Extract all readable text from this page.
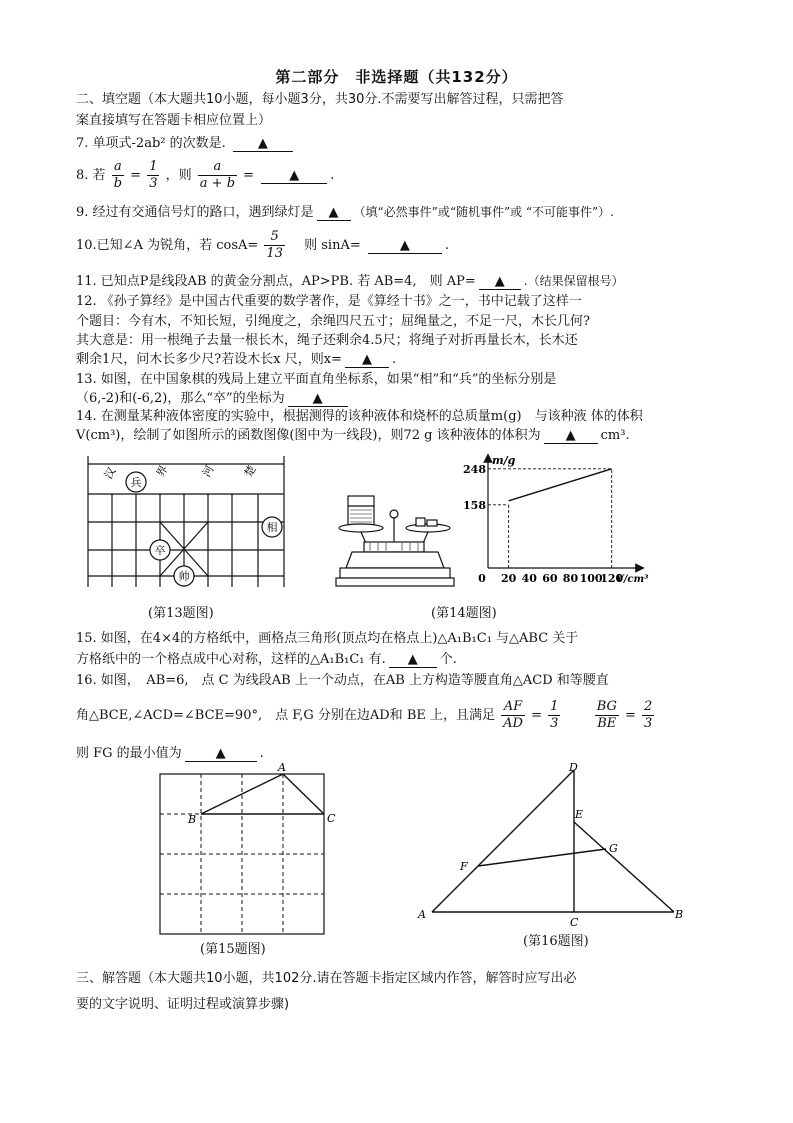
第二部分　非选择题（共132分）
二、填空题（本大题共10小题，每小题3分，共30分.不需要写出解答过程，只需把答
案直接填写在答题卡相应位置上）
7. 单项式-2ab² 的次数是. ▲
8. 若 $\frac{a}{b} = \frac{1}{3}$ ，则 $\frac{a}{a + b}$ = ▲ .
9. 经过有交通信号灯的路口，遇到绿灯是 ▲ （填“必然事件”或“随机事件”或 “不可能事件”）.
10.已知∠A 为锐角，若 $\cos A= \frac{5}{13}$ 　则 sinA=	▲	.
11. 已知点P是线段AB 的黄金分割点，AP>PB. 若 AB=4,　则 AP= ▲ .（结果保留根号）
12. 《孙子算经》是中国古代重要的数学著作，是《算经十书》之一，书中记载了这样一
个题目：今有木，不知长短，引绳度之，余绳四尺五寸；屈绳量之，不足一尺，木长几何?
其大意是：用一根绳子去量一根长木，绳子还剩余4.5尺；将绳子对折再量长木，长木还
剩余1尺，问木长多少尺?若设木长x 尺，则x= ▲ .
13. 如图，在中国象棋的残局上建立平面直角坐标系，如果“相”和“兵”的坐标分别是
（6,-2)和(-6,2)，那么“卒”的坐标为 ▲
14. 在测量某种液体密度的实验中，根据测得的该种液体和烧杯的总质量m(g)　与该种液 体的体积
V(cm³)，绘制了如图所示的函数图像(图中为一线段)，则72 g 该种液体的体积为 ▲ cm³.
汉	界	河 楚
兵
相
卒
帅
(第13题图)
m/g
V/cm³
158
248
0 20 40 60 80 100
120
(第14题图)
15. 如图，在4×4的方格纸中，画格点三角形(顶点均在格点上)△A₁B₁C₁ 与△ABC 关于
方格纸中的一个格点成中心对称，这样的△A₁B₁C₁ 有. ▲ 个.
16. 如图，　AB=6,　点 C 为线段AB 上一个动点，在AB 上方构造等腰直角△ACD 和等腰直
角△BCE,∠ACD=∠BCE=90°,　点 F,G 分别在边AD和 BE 上，且满足 $\frac{AF}{AD} = \frac{1}{3}$
	$\frac{BG}{BE} = \frac{2}{3}$
则 FG 的最小值为	▲	.
A
B	C
(第15题图)
A	B
C
D
E
F
G
(第16题图)
三、解答题（本大题共10小题，共102分.请在答题卡指定区域内作答，解答时应写出必
要的文字说明、证明过程或演算步骤)
